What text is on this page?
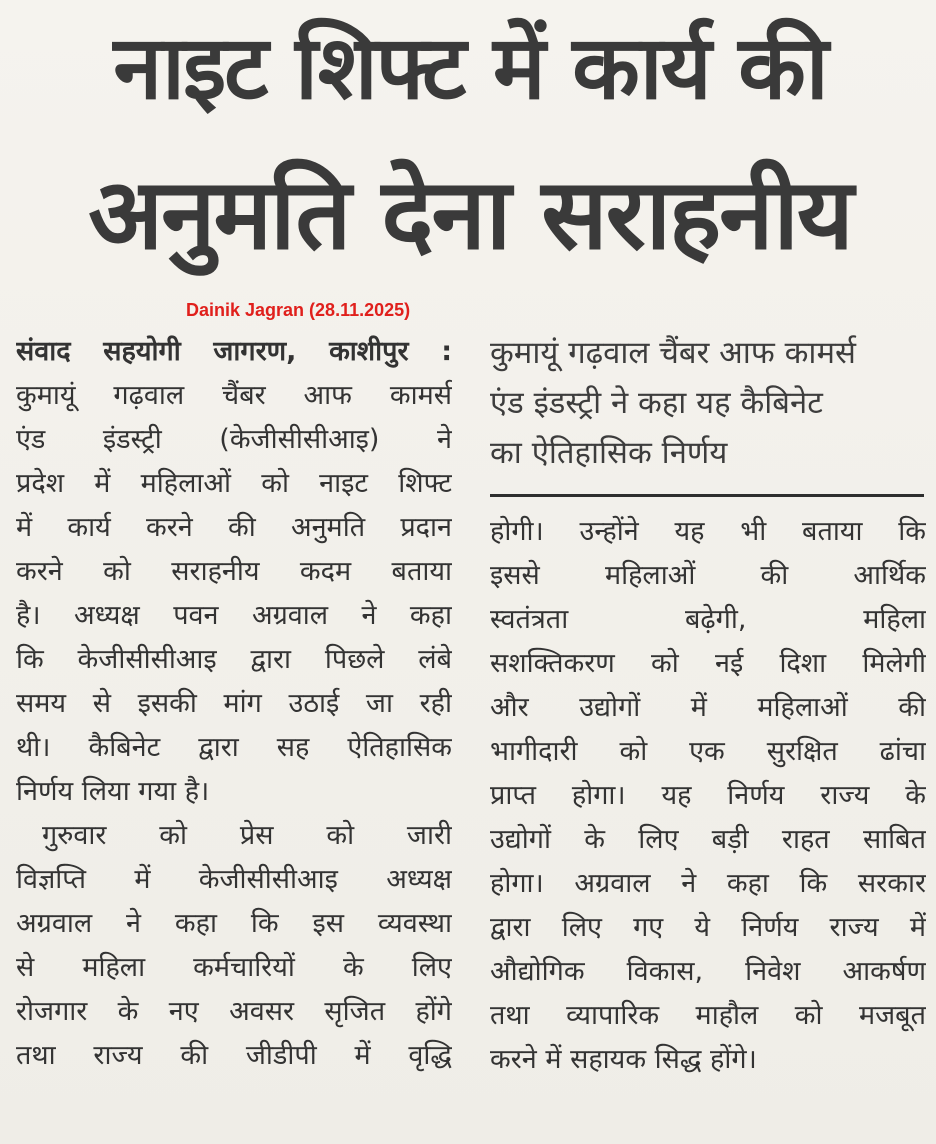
नाइट शिफ्ट में कार्य की
अनुमति देना सराहनीय
Dainik Jagran (28.11.2025)
संवाद सहयोगी जागरण, काशीपुर :
कुमायूं गढ़वाल चैंबर आफ कामर्स
एंड इंडस्ट्री (केजीसीसीआइ) ने
प्रदेश में महिलाओं को नाइट शिफ्ट
में कार्य करने की अनुमति प्रदान
करने को सराहनीय कदम बताया
है। अध्यक्ष पवन अग्रवाल ने कहा
कि केजीसीसीआइ द्वारा पिछले लंबे
समय से इसकी मांग उठाई जा रही
थी। कैबिनेट द्वारा सह ऐतिहासिक
निर्णय लिया गया है।
गुरुवार को प्रेस को जारी
विज्ञप्ति में केजीसीसीआइ अध्यक्ष
अग्रवाल ने कहा कि इस व्यवस्था
से महिला कर्मचारियों के लिए
रोजगार के नए अवसर सृजित होंगे
तथा राज्य की जीडीपी में वृद्धि
कुमायूं गढ़वाल चैंबर आफ कामर्स
एंड इंडस्ट्री ने कहा यह कैबिनेट
का ऐतिहासिक निर्णय
होगी। उन्होंने यह भी बताया कि
इससे महिलाओं की आर्थिक
स्वतंत्रता बढ़ेगी, महिला
सशक्तिकरण को नई दिशा मिलेगी
और उद्योगों में महिलाओं की
भागीदारी को एक सुरक्षित ढांचा
प्राप्त होगा। यह निर्णय राज्य के
उद्योगों के लिए बड़ी राहत साबित
होगा। अग्रवाल ने कहा कि सरकार
द्वारा लिए गए ये निर्णय राज्य में
औद्योगिक विकास, निवेश आकर्षण
तथा व्यापारिक माहौल को मजबूत
करने में सहायक सिद्ध होंगे।
